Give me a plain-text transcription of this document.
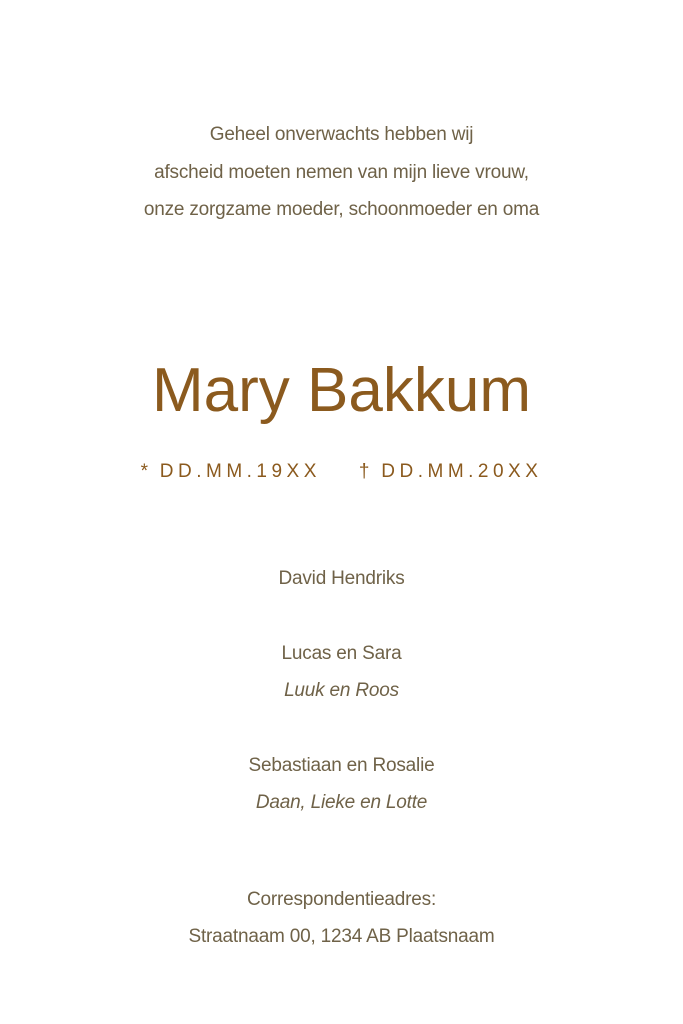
Geheel onverwachts hebben wij
afscheid moeten nemen van mijn lieve vrouw,
onze zorgzame moeder, schoonmoeder en oma
Mary Bakkum
* DD.MM.19XX † DD.MM.20XX
David Hendriks
Lucas en Sara
Luuk en Roos
Sebastiaan en Rosalie
Daan, Lieke en Lotte
Correspondentieadres:
Straatnaam 00, 1234 AB Plaatsnaam
